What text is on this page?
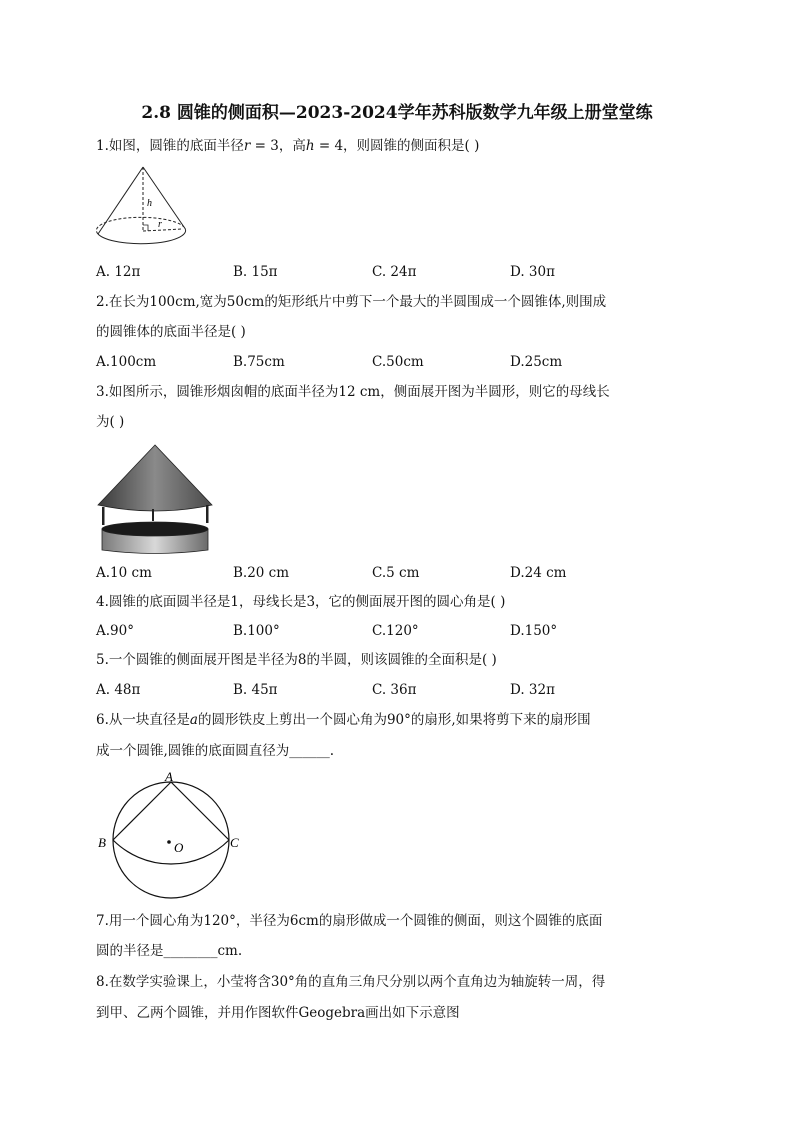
2.8 圆锥的侧面积—2023-2024学年苏科版数学九年级上册堂堂练
1.如图，圆锥的底面半径r = 3，高h = 4，则圆锥的侧面积是( )
h
r
A. 12π	B. 15π	C. 24π	D. 30π
2.在长为100cm,宽为50cm的矩形纸片中剪下一个最大的半圆围成一个圆锥体,则围成
的圆锥体的底面半径是( )
A.100cm	B.75cm	C.50cm	D.25cm
3.如图所示，圆锥形烟囱帽的底面半径为12 cm，侧面展开图为半圆形，则它的母线长
为( )
A.10 cm	B.20 cm	C.5 cm	D.24 cm
4.圆锥的底面圆半径是1，母线长是3，它的侧面展开图的圆心角是( )
A.90°	B.100°	C.120°	D.150°
5.一个圆锥的侧面展开图是半径为8的半圆，则该圆锥的全面积是( )
A. 48π	B. 45π	C. 36π	D. 32π
6.从一块直径是a的圆形铁皮上剪出一个圆心角为90°的扇形,如果将剪下来的扇形围
成一个圆锥,圆锥的底面圆直径为______.
A
B	C
O
7.用一个圆心角为120°，半径为6cm的扇形做成一个圆锥的侧面，则这个圆锥的底面
圆的半径是________cm.
8.在数学实验课上，小莹将含30°角的直角三角尺分别以两个直角边为轴旋转一周，得
到甲、乙两个圆锥，并用作图软件Geogebra画出如下示意图
